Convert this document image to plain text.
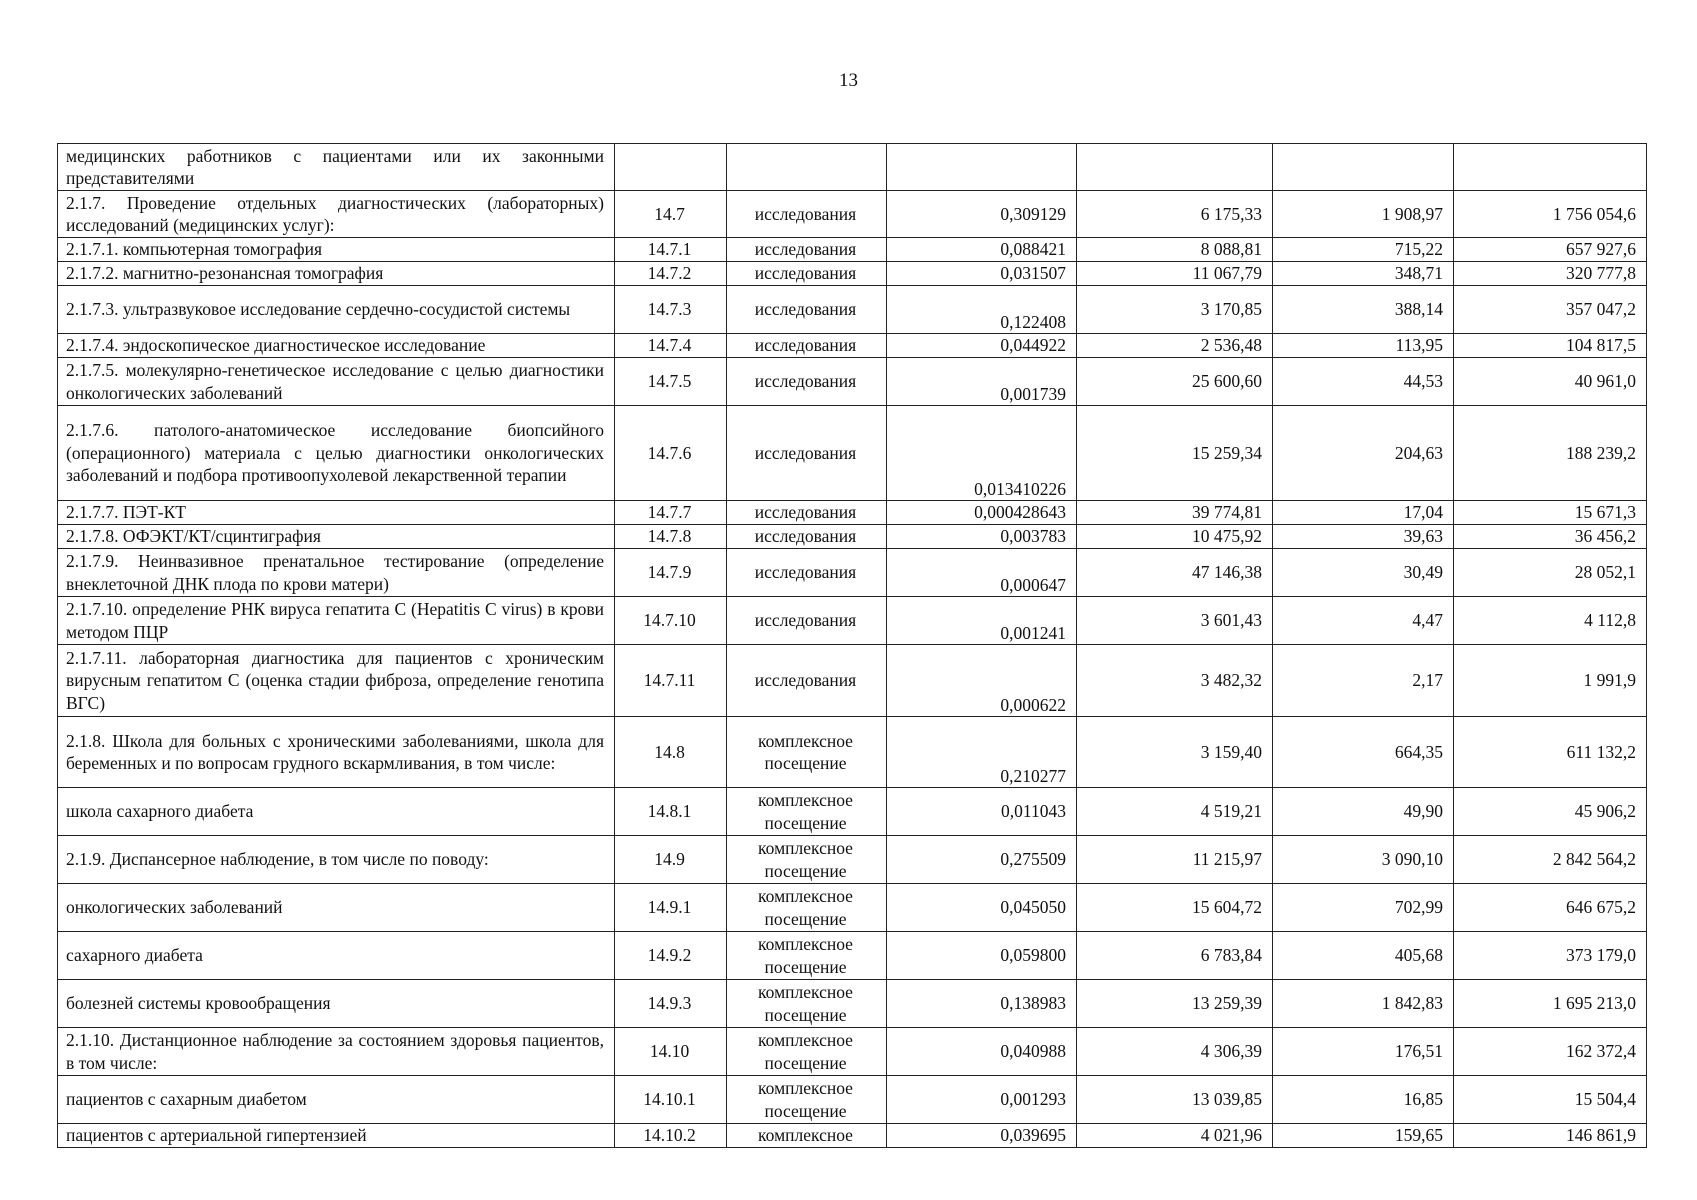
13
медицинских работников с пациентами или их законными представителями						
2.1.7. Проведение отдельных диагностических (лабораторных) исследований (медицинских услуг):	14.7	исследования	0,309129	6 175,33	1 908,97	1 756 054,6
2.1.7.1. компьютерная томография	14.7.1	исследования	0,088421	8 088,81	715,22	657 927,6
2.1.7.2. магнитно-резонансная томография	14.7.2	исследования	0,031507	11 067,79	348,71	320 777,8
2.1.7.3. ультразвуковое исследование сердечно-сосудистой системы	14.7.3	исследования	0,122408	3 170,85	388,14	357 047,2
2.1.7.4. эндоскопическое диагностическое исследование	14.7.4	исследования	0,044922	2 536,48	113,95	104 817,5
2.1.7.5. молекулярно-генетическое исследование с целью диагностики онкологических заболеваний	14.7.5	исследования	0,001739	25 600,60	44,53	40 961,0
2.1.7.6. патолого-анатомическое исследование биопсийного (операционного) материала с целью диагностики онкологических заболеваний и подбора противоопухолевой лекарственной терапии	14.7.6	исследования	0,013410226	15 259,34	204,63	188 239,2
2.1.7.7. ПЭТ-КТ	14.7.7	исследования	0,000428643	39 774,81	17,04	15 671,3
2.1.7.8. ОФЭКТ/КТ/сцинтиграфия	14.7.8	исследования	0,003783	10 475,92	39,63	36 456,2
2.1.7.9. Неинвазивное пренатальное тестирование (определение внеклеточной ДНК плода по крови матери)	14.7.9	исследования	0,000647	47 146,38	30,49	28 052,1
2.1.7.10. определение РНК вируса гепатита С (Hepatitis C virus) в крови методом ПЦР	14.7.10	исследования	0,001241	3 601,43	4,47	4 112,8
2.1.7.11. лабораторная диагностика для пациентов с хроническим вирусным гепатитом С (оценка стадии фиброза, определение генотипа ВГС)	14.7.11	исследования	0,000622	3 482,32	2,17	1 991,9
2.1.8. Школа для больных с хроническими заболеваниями, школа для беременных и по вопросам грудного вскармливания, в том числе:	14.8	комплексное посещение	0,210277	3 159,40	664,35	611 132,2
школа сахарного диабета	14.8.1	комплексное посещение	0,011043	4 519,21	49,90	45 906,2
2.1.9. Диспансерное наблюдение, в том числе по поводу:	14.9	комплексное посещение	0,275509	11 215,97	3 090,10	2 842 564,2
онкологических заболеваний	14.9.1	комплексное посещение	0,045050	15 604,72	702,99	646 675,2
сахарного диабета	14.9.2	комплексное посещение	0,059800	6 783,84	405,68	373 179,0
болезней системы кровообращения	14.9.3	комплексное посещение	0,138983	13 259,39	1 842,83	1 695 213,0
2.1.10. Дистанционное наблюдение за состоянием здоровья пациентов, в том числе:	14.10	комплексное посещение	0,040988	4 306,39	176,51	162 372,4
пациентов с сахарным диабетом	14.10.1	комплексное посещение	0,001293	13 039,85	16,85	15 504,4
пациентов с артериальной гипертензией	14.10.2	комплексное	0,039695	4 021,96	159,65	146 861,9
